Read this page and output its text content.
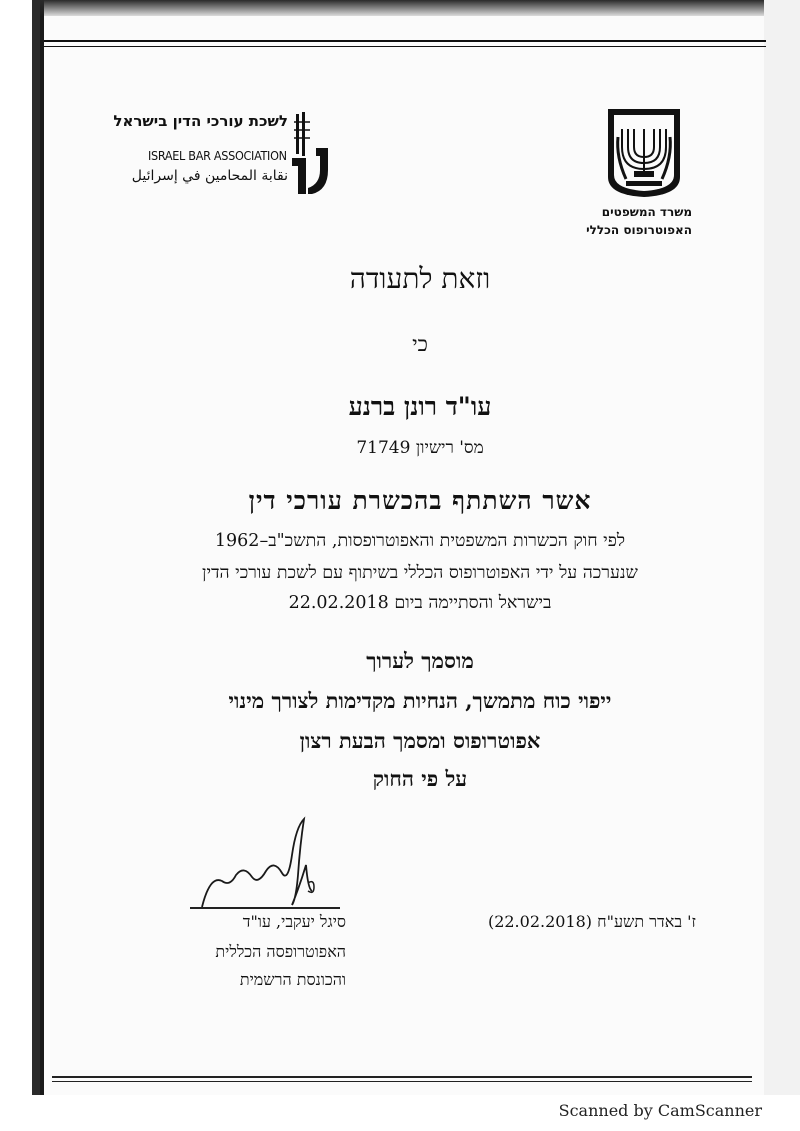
לשכת עורכי הדין בישראל
ISRAEL BAR ASSOCIATION
نقابة المحامين في إسرائيل
משרד המשפטים
האפוטרופוס הכללי
וזאת לתעודה
כי
עו"ד רונן ברנע
מס' רישיון 71749
אשר השתתף בהכשרת עורכי דין
לפי חוק הכשרות המשפטית והאפוטרופסות, התשכ"ב–1962
שנערכה על ידי האפוטרופוס הכללי בשיתוף עם לשכת עורכי הדין
בישראל והסתיימה ביום 22.02.2018
מוסמך לערוך
ייפוי כוח מתמשך, הנחיות מקדימות לצורך מינוי
אפוטרופוס ומסמך הבעת רצון
על פי החוק
סיגל יעקבי, עו"ד
האפוטרופסה הכללית
והכונסת הרשמית
ז' באדר תשע"ח (22.02.2018)
Scanned by CamScanner
